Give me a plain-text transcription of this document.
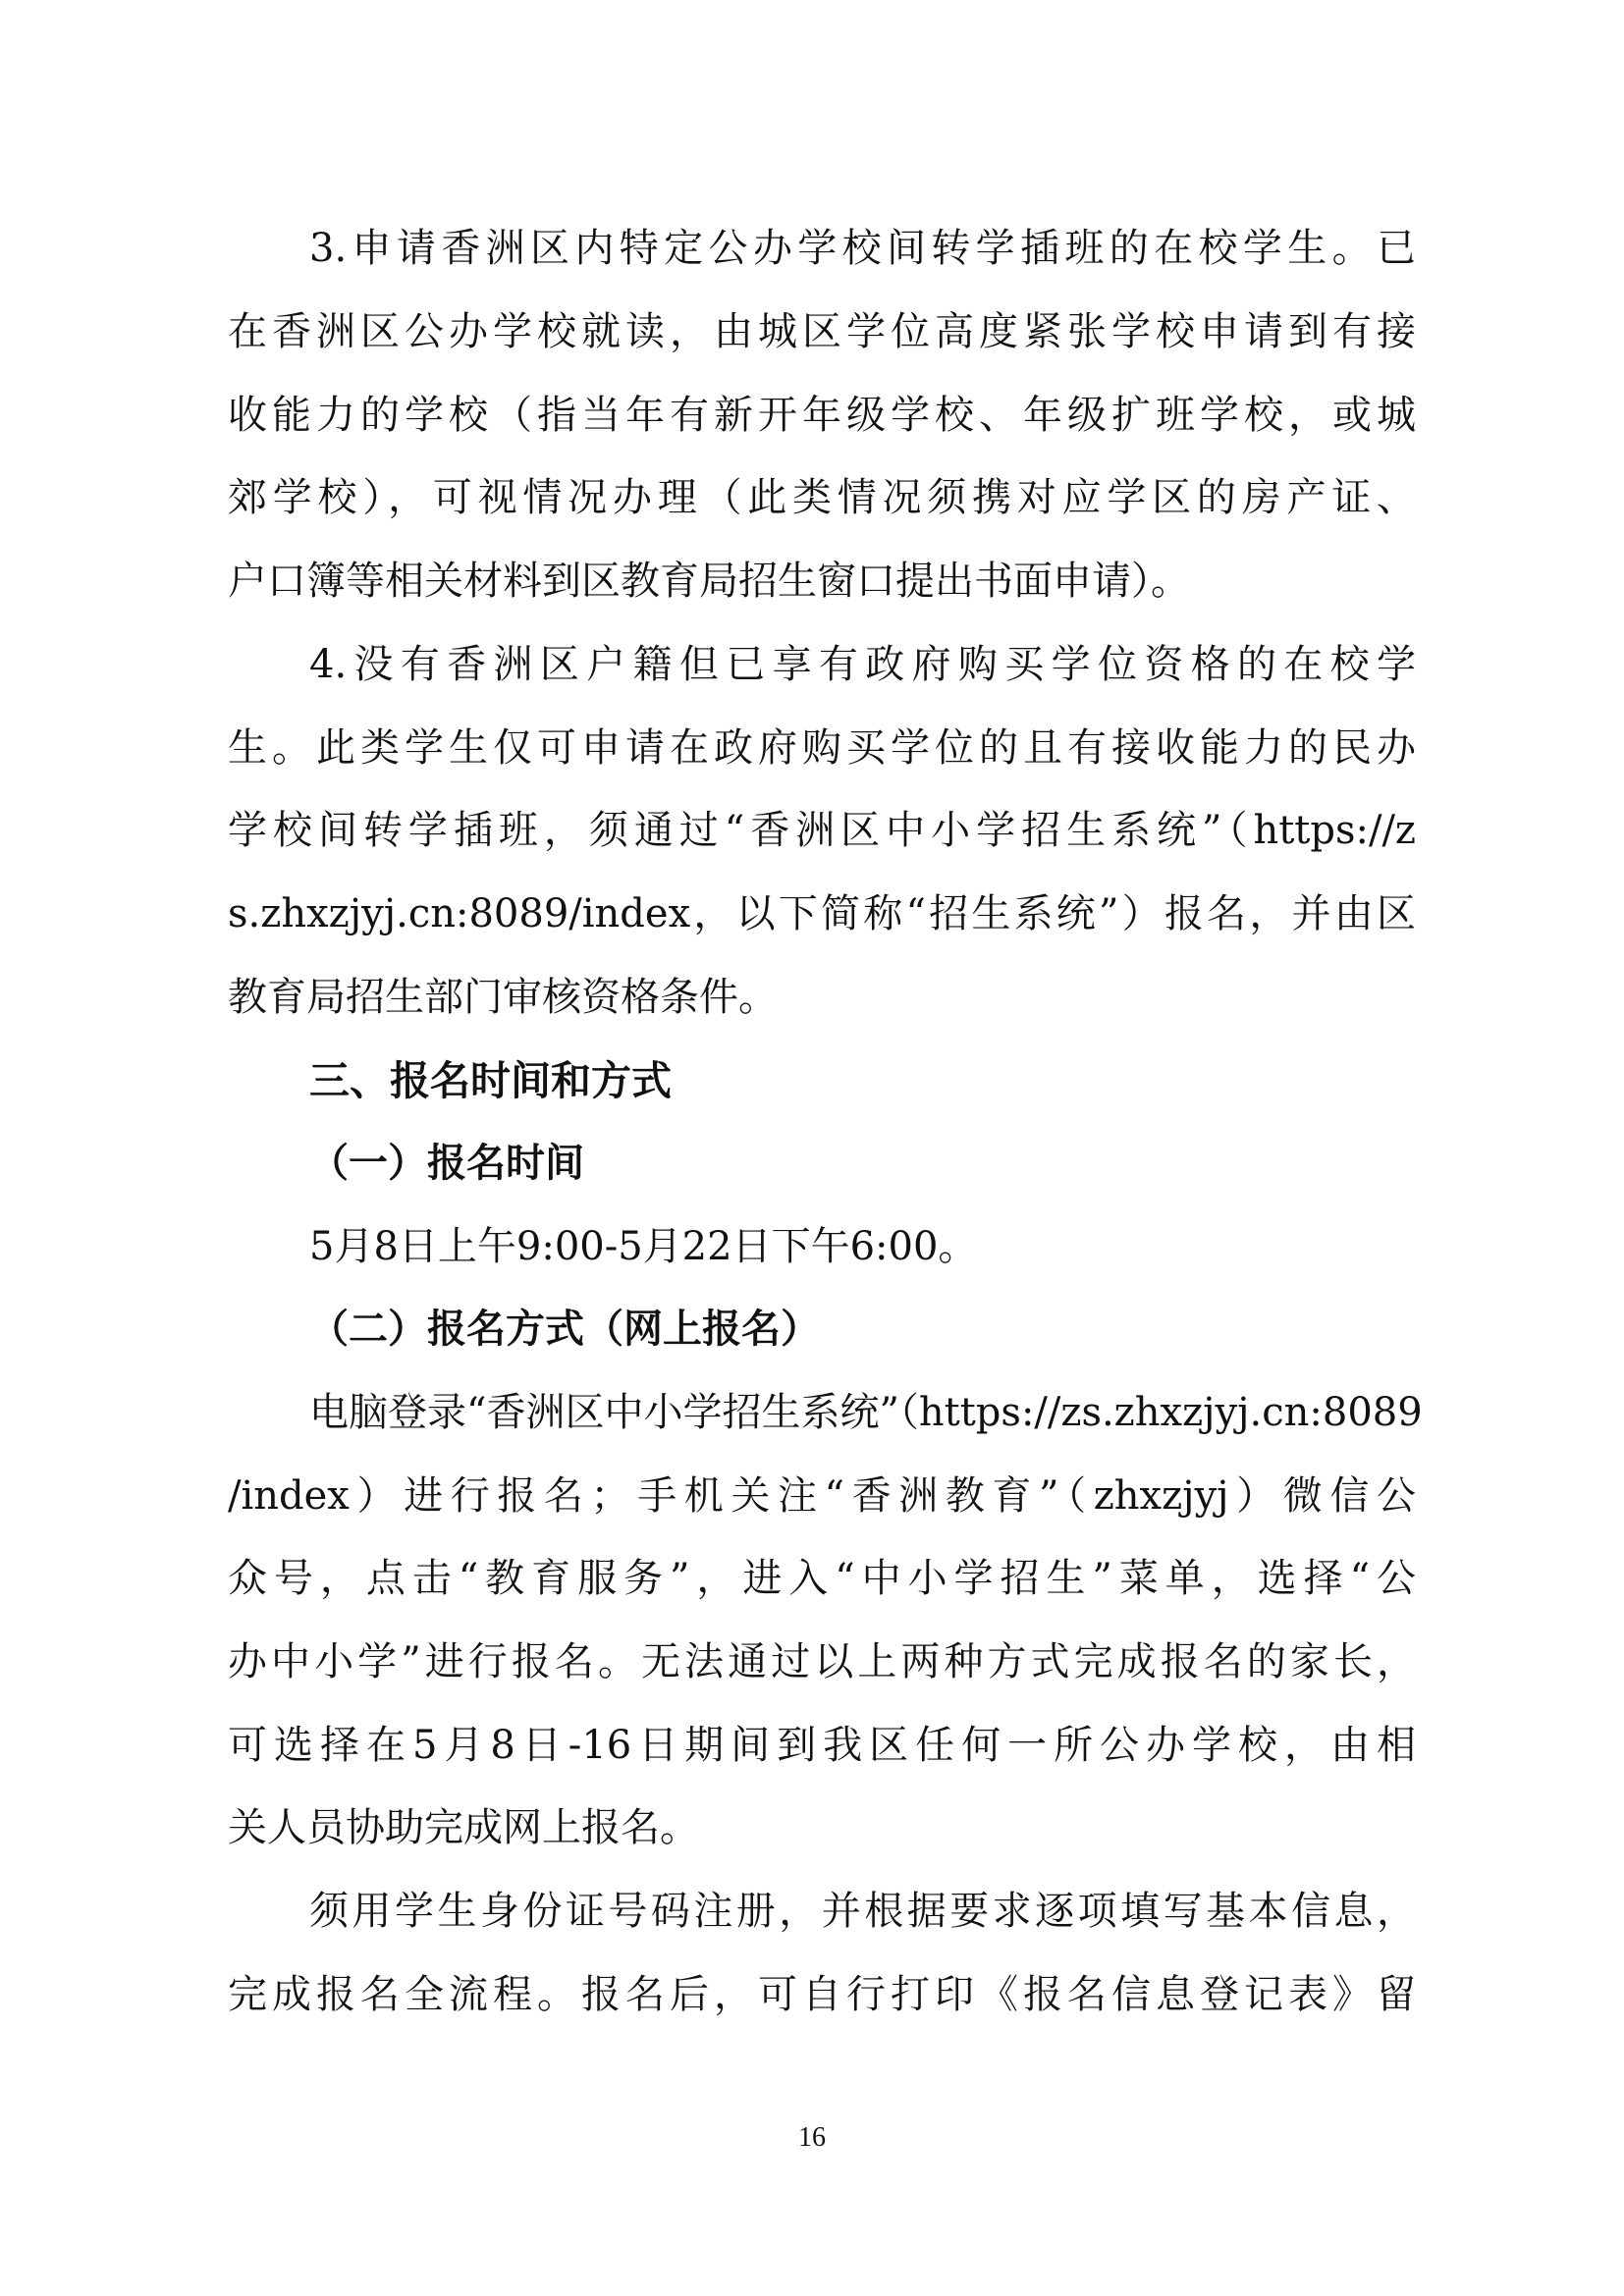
3.申请香洲区内特定公办学校间转学插班的在校学生。已
在香洲区公办学校就读，由城区学位高度紧张学校申请到有接
收能力的学校（指当年有新开年级学校、年级扩班学校，或城
郊学校），可视情况办理（此类情况须携对应学区的房产证、
户口簿等相关材料到区教育局招生窗口提出书面申请）。
4.没有香洲区户籍但已享有政府购买学位资格的在校学
生。此类学生仅可申请在政府购买学位的且有接收能力的民办
学校间转学插班，须通过“香洲区中小学招生系统”（https://z
s.zhxzjyj.cn:8089/index，以下简称“招生系统”）报名，并由区
教育局招生部门审核资格条件。
三、报名时间和方式
（一）报名时间
5月8日上午9:00-5月22日下午6:00。
（二）报名方式（网上报名）
电脑登录“香洲区中小学招生系统”（https://zs.zhxzjyj.cn:8089
/index）进行报名；手机关注“香洲教育”（zhxzjyj）微信公
众号，点击“教育服务”，进入“中小学招生”菜单，选择“公
办中小学”进行报名。无法通过以上两种方式完成报名的家长，
可选择在5月8日-16日期间到我区任何一所公办学校，由相
关人员协助完成网上报名。
须用学生身份证号码注册，并根据要求逐项填写基本信息，
完成报名全流程。报名后，可自行打印《报名信息登记表》留
16
